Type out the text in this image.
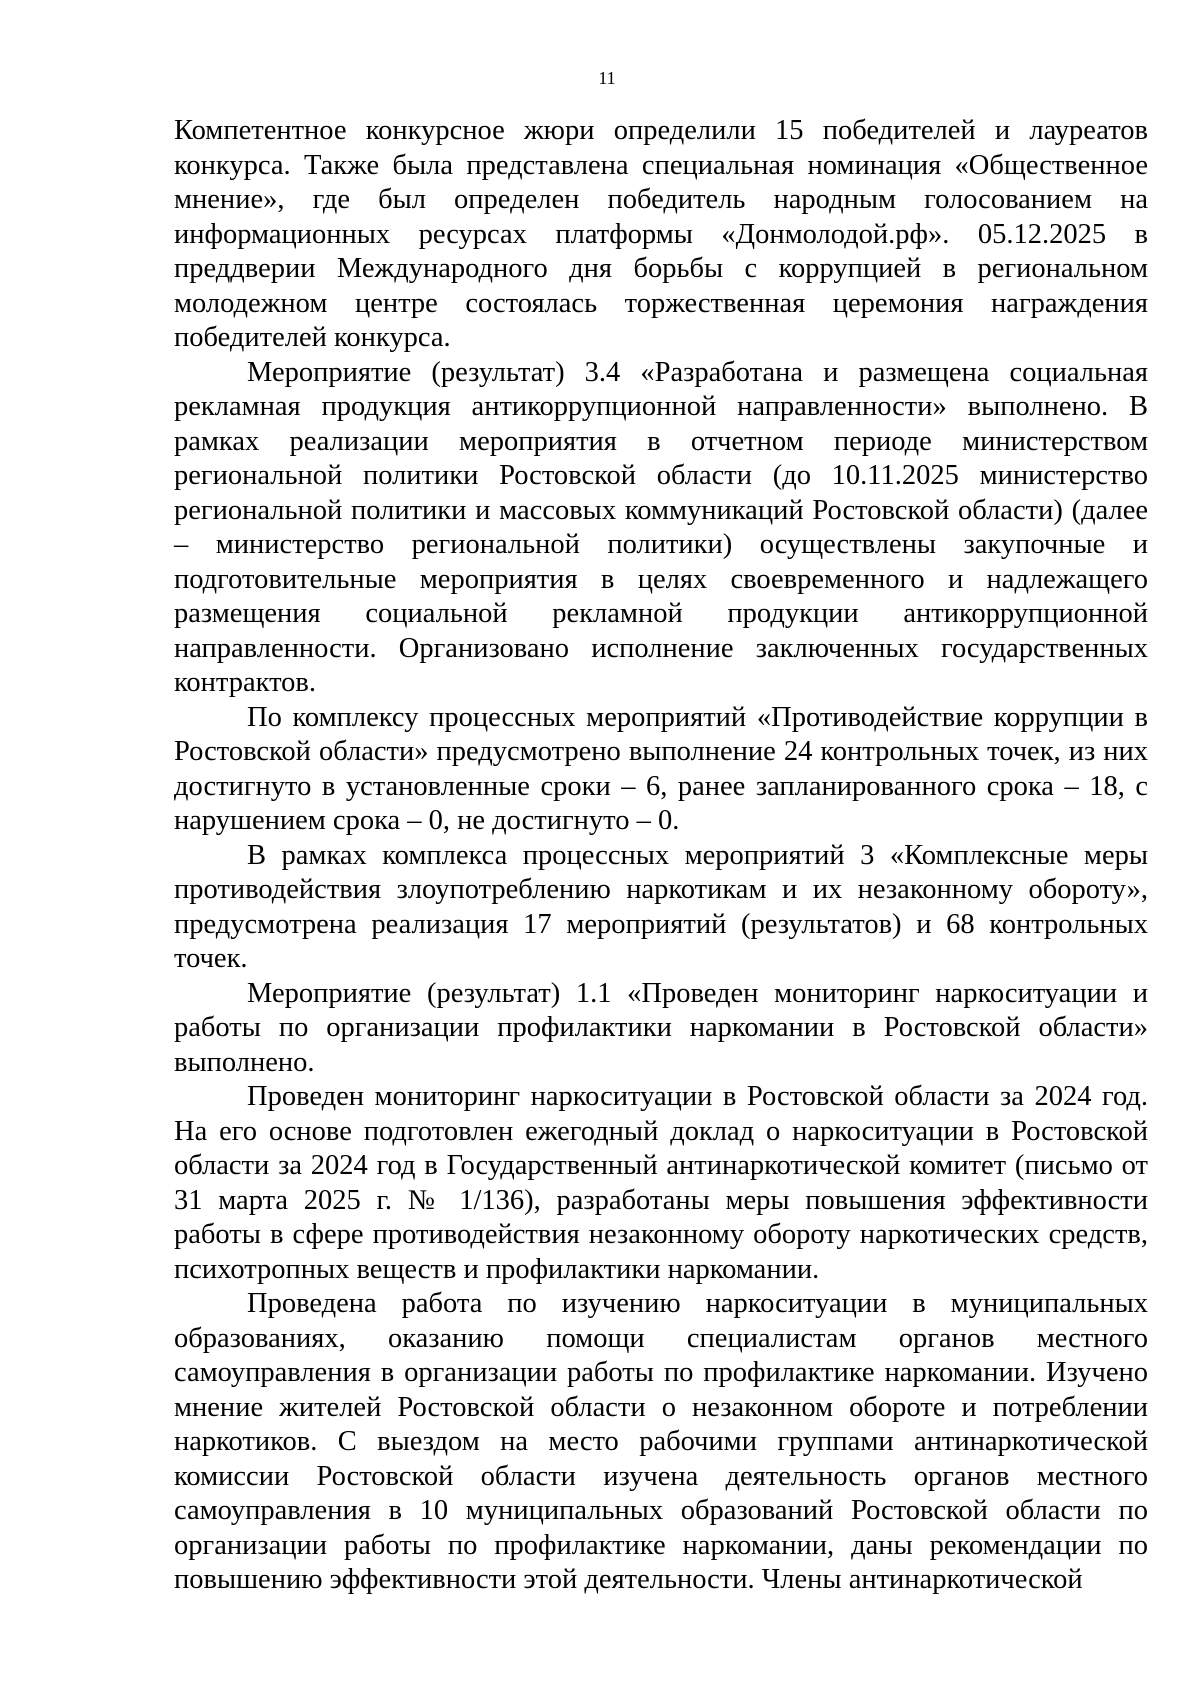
11

Компетентное конкурсное жюри определили 15 победителей и лауреатов конкурса. Также была представлена специальная номинация «Общественное мнение», где был определен победитель народным голосованием на информационных ресурсах платформы «Донмолодой.рф». 05.12.2025 в преддверии Международного дня борьбы с коррупцией в региональном молодежном центре состоялась торжественная церемония награждения победителей конкурса.

Мероприятие (результат) 3.4 «Разработана и размещена социальная рекламная продукция антикоррупционной направленности» выполнено. В рамках реализации мероприятия в отчетном периоде министерством региональной политики Ростовской области (до 10.11.2025 министерство региональной политики и массовых коммуникаций Ростовской области) (далее – министерство региональной политики) осуществлены закупочные и подготовительные мероприятия в целях своевременного и надлежащего размещения социальной рекламной продукции антикоррупционной направленности. Организовано исполнение заключенных государственных контрактов.

По комплексу процессных мероприятий «Противодействие коррупции в Ростовской области» предусмотрено выполнение 24 контрольных точек, из них достигнуто в установленные сроки – 6, ранее запланированного срока – 18, с нарушением срока – 0, не достигнуто – 0.

В рамках комплекса процессных мероприятий 3 «Комплексные меры противодействия злоупотреблению наркотикам и их незаконному обороту», предусмотрена реализация 17 мероприятий (результатов) и 68 контрольных точек.

Мероприятие (результат) 1.1 «Проведен мониторинг наркоситуации и работы по организации профилактики наркомании в Ростовской области» выполнено.

Проведен мониторинг наркоситуации в Ростовской области за 2024 год. На его основе подготовлен ежегодный доклад о наркоситуации в Ростовской области за 2024 год в Государственный антинаркотической комитет (письмо от 31 марта 2025 г. № 1/136), разработаны меры повышения эффективности работы в сфере противодействия незаконному обороту наркотических средств, психотропных веществ и профилактики наркомании.

Проведена работа по изучению наркоситуации в муниципальных образованиях, оказанию помощи специалистам органов местного самоуправления в организации работы по профилактике наркомании. Изучено мнение жителей Ростовской области о незаконном обороте и потреблении наркотиков. С выездом на место рабочими группами антинаркотической комиссии Ростовской области изучена деятельность органов местного самоуправления в 10 муниципальных образований Ростовской области по организации работы по профилактике наркомании, даны рекомендации по повышению эффективности этой деятельности. Члены антинаркотической
